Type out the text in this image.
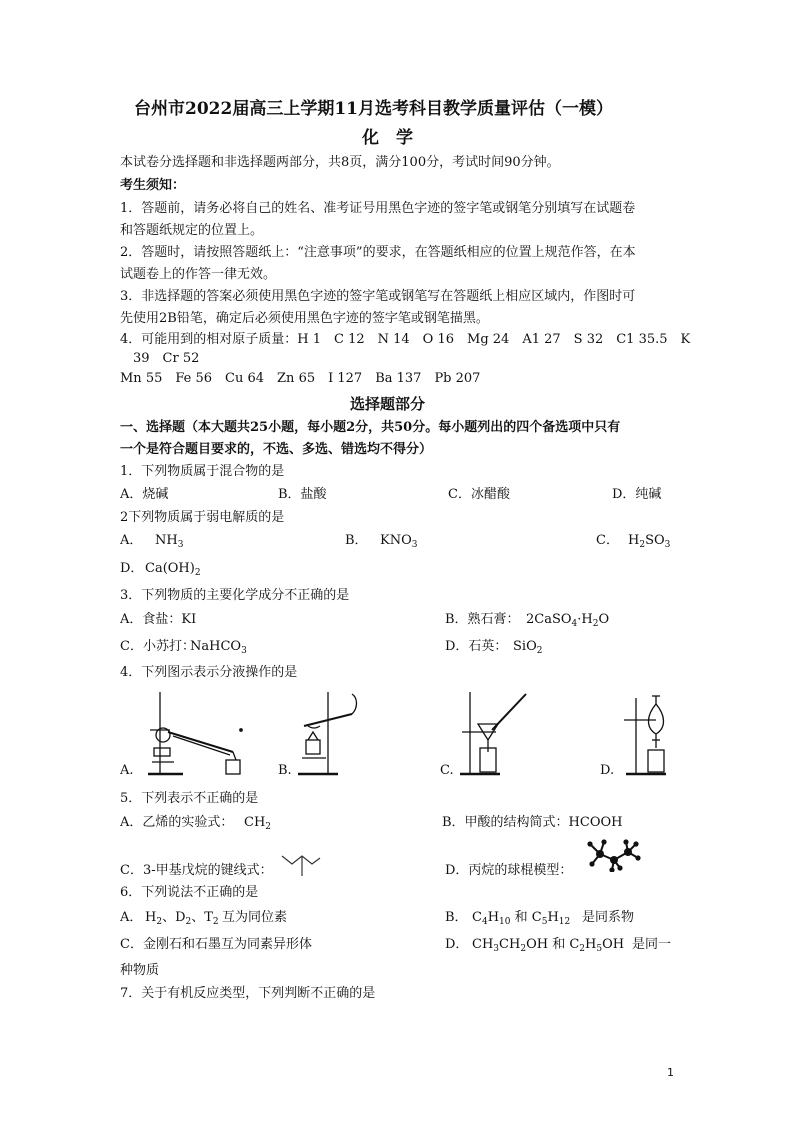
台州市2022届高三上学期11月选考科目教学质量评估（一模）
化　学
本试卷分选择题和非选择题两部分，共8页，满分100分，考试时间90分钟。
考生须知：
1．答题前，请务必将自己的姓名、准考证号用黑色字迹的签字笔或钢笔分别填写在试题卷
和答题纸规定的位置上。
2．答题时，请按照答题纸上：“注意事项”的要求，在答题纸相应的位置上规范作答，在本
试题卷上的作答一律无效。
3．非选择题的答案必须使用黑色字迹的签字笔或钢笔写在答题纸上相应区域内，作图时可
先使用2B铅笔，确定后必须使用黑色字迹的签字笔或钢笔描黑。
4．可能用到的相对原子质量：H 1　C 12　N 14　O 16　Mg 24　A1 27　S 32　C1 35.5　K
　39　Cr 52
Mn 55　Fe 56　Cu 64　Zn 65　I 127　Ba 137　Pb 207
选择题部分
一、选择题（本大题共25小题，每小题2分，共50分。每小题列出的四个备选项中只有
一个是符合题目要求的，不选、多选、错选均不得分）
1．下列物质属于混合物的是
A．烧碱	B．盐酸	C．冰醋酸	D．纯碱
2下列物质属于弱电解质的是
A． $NH_3$	B． $KNO_3$	C． $H_2SO_3$
D． $Ca(OH)_2$
3．下列物质的主要化学成分不正确的是
A．食盐：KI	B．熟石膏： $2CaSO_4\cdot H_2O$
C．小苏打：
NaHCO$_3$	D．石英： SiO$_2$
4．下列图示表示分液操作的是
A.	B.	C.	D.
5．下列表示不正确的是
A．乙烯的实验式： $CH_2$	B．甲酸的结构简式：HCOOH
C．3-甲基戊烷的键线式：	D．丙烷的球棍模型：
6．下列说法不正确的是
A． $H_2$、$D_2$、$T_2$ 互为同位素	B． $C_4H_{10}$ 和 $C_5H_{12}$ 是同系物
C．金刚石和石墨互为同素异形体	D． $CH_3CH_2OH$ 和 $C_2H_5OH$ 是同一
种物质
7．关于有机反应类型，下列判断不正确的是
1
